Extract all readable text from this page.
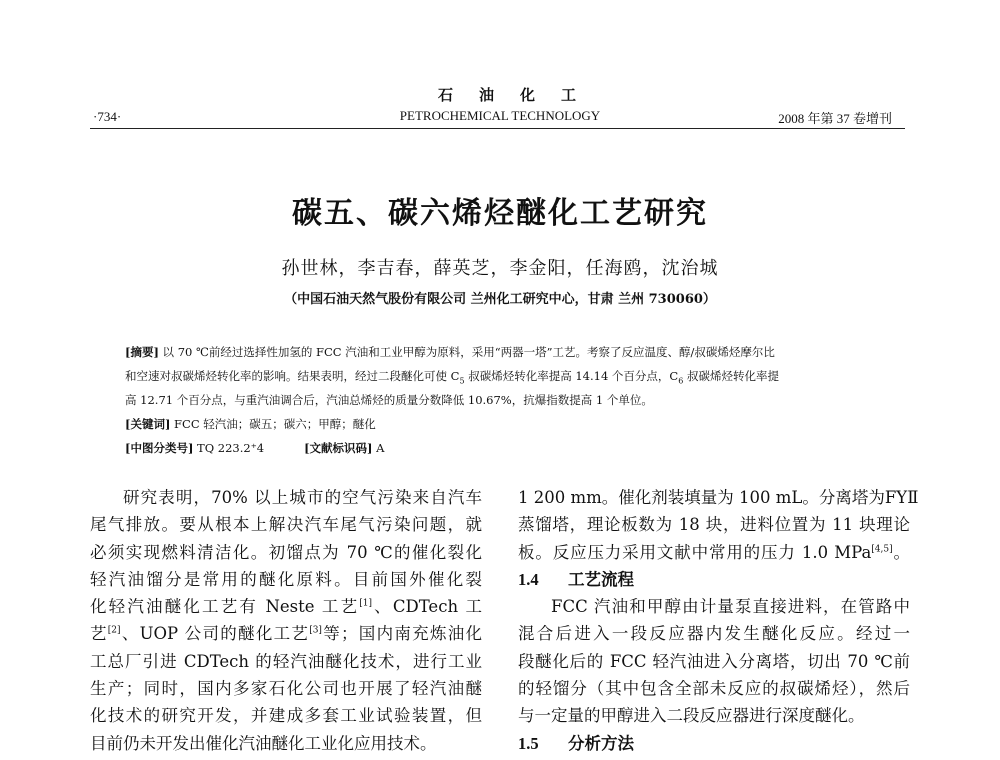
石油化工
·734·	PETROCHEMICAL TECHNOLOGY	2008 年第 37 卷增刊
碳五、碳六烯烃醚化工艺研究
孙世林，李吉春，薛英芝，李金阳，任海鸥，沈治城
（中国石油天然气股份有限公司 兰州化工研究中心，甘肃 兰州 730060）
[摘要] 以 70 ℃前经过选择性加氢的 FCC 汽油和工业甲醇为原料，采用“两器一塔”工艺。考察了反应温度、醇/叔碳烯烃摩尔比
和空速对叔碳烯烃转化率的影响。结果表明，经过二段醚化可使 $C_5$ 叔碳烯烃转化率提高 14.14 个百分点，$C_6$ 叔碳烯烃转化率提
高 12.71 个百分点，与重汽油调合后，汽油总烯烃的质量分数降低 10.67%，抗爆指数提高 1 个单位。
[关键词] FCC 轻汽油；碳五；碳六；甲醇；醚化
[中图分类号] TQ 223.2⁺4	[文献标识码] A
研究表明，70% 以上城市的空气污染来自汽车
尾气排放。要从根本上解决汽车尾气污染问题，就
必须实现燃料清洁化。初馏点为 70 ℃的催化裂化
轻汽油馏分是常用的醚化原料。目前国外催化裂
化轻汽油醚化工艺有 Neste 工艺[1]、CDTech 工
艺[2]、UOP 公司的醚化工艺[3]等；国内南充炼油化
工总厂引进 CDTech 的轻汽油醚化技术，进行工业
生产；同时，国内多家石化公司也开展了轻汽油醚
化技术的研究开发，并建成多套工业试验装置，但
目前仍未开发出催化汽油醚化工业化应用技术。
1 200 mm。催化剂装填量为 100 mL。分离塔为FYⅡ
蒸馏塔，理论板数为 18 块，进料位置为 11 块理论
板。反应压力采用文献中常用的压力 1.0 MPa[4,5]。
1.4 工艺流程
FCC 汽油和甲醇由计量泵直接进料，在管路中
混合后进入一段反应器内发生醚化反应。经过一
段醚化后的 FCC 轻汽油进入分离塔，切出 70 ℃前
的轻馏分（其中包含全部未反应的叔碳烯烃），然后
与一定量的甲醇进入二段反应器进行深度醚化。
1.5 分析方法
